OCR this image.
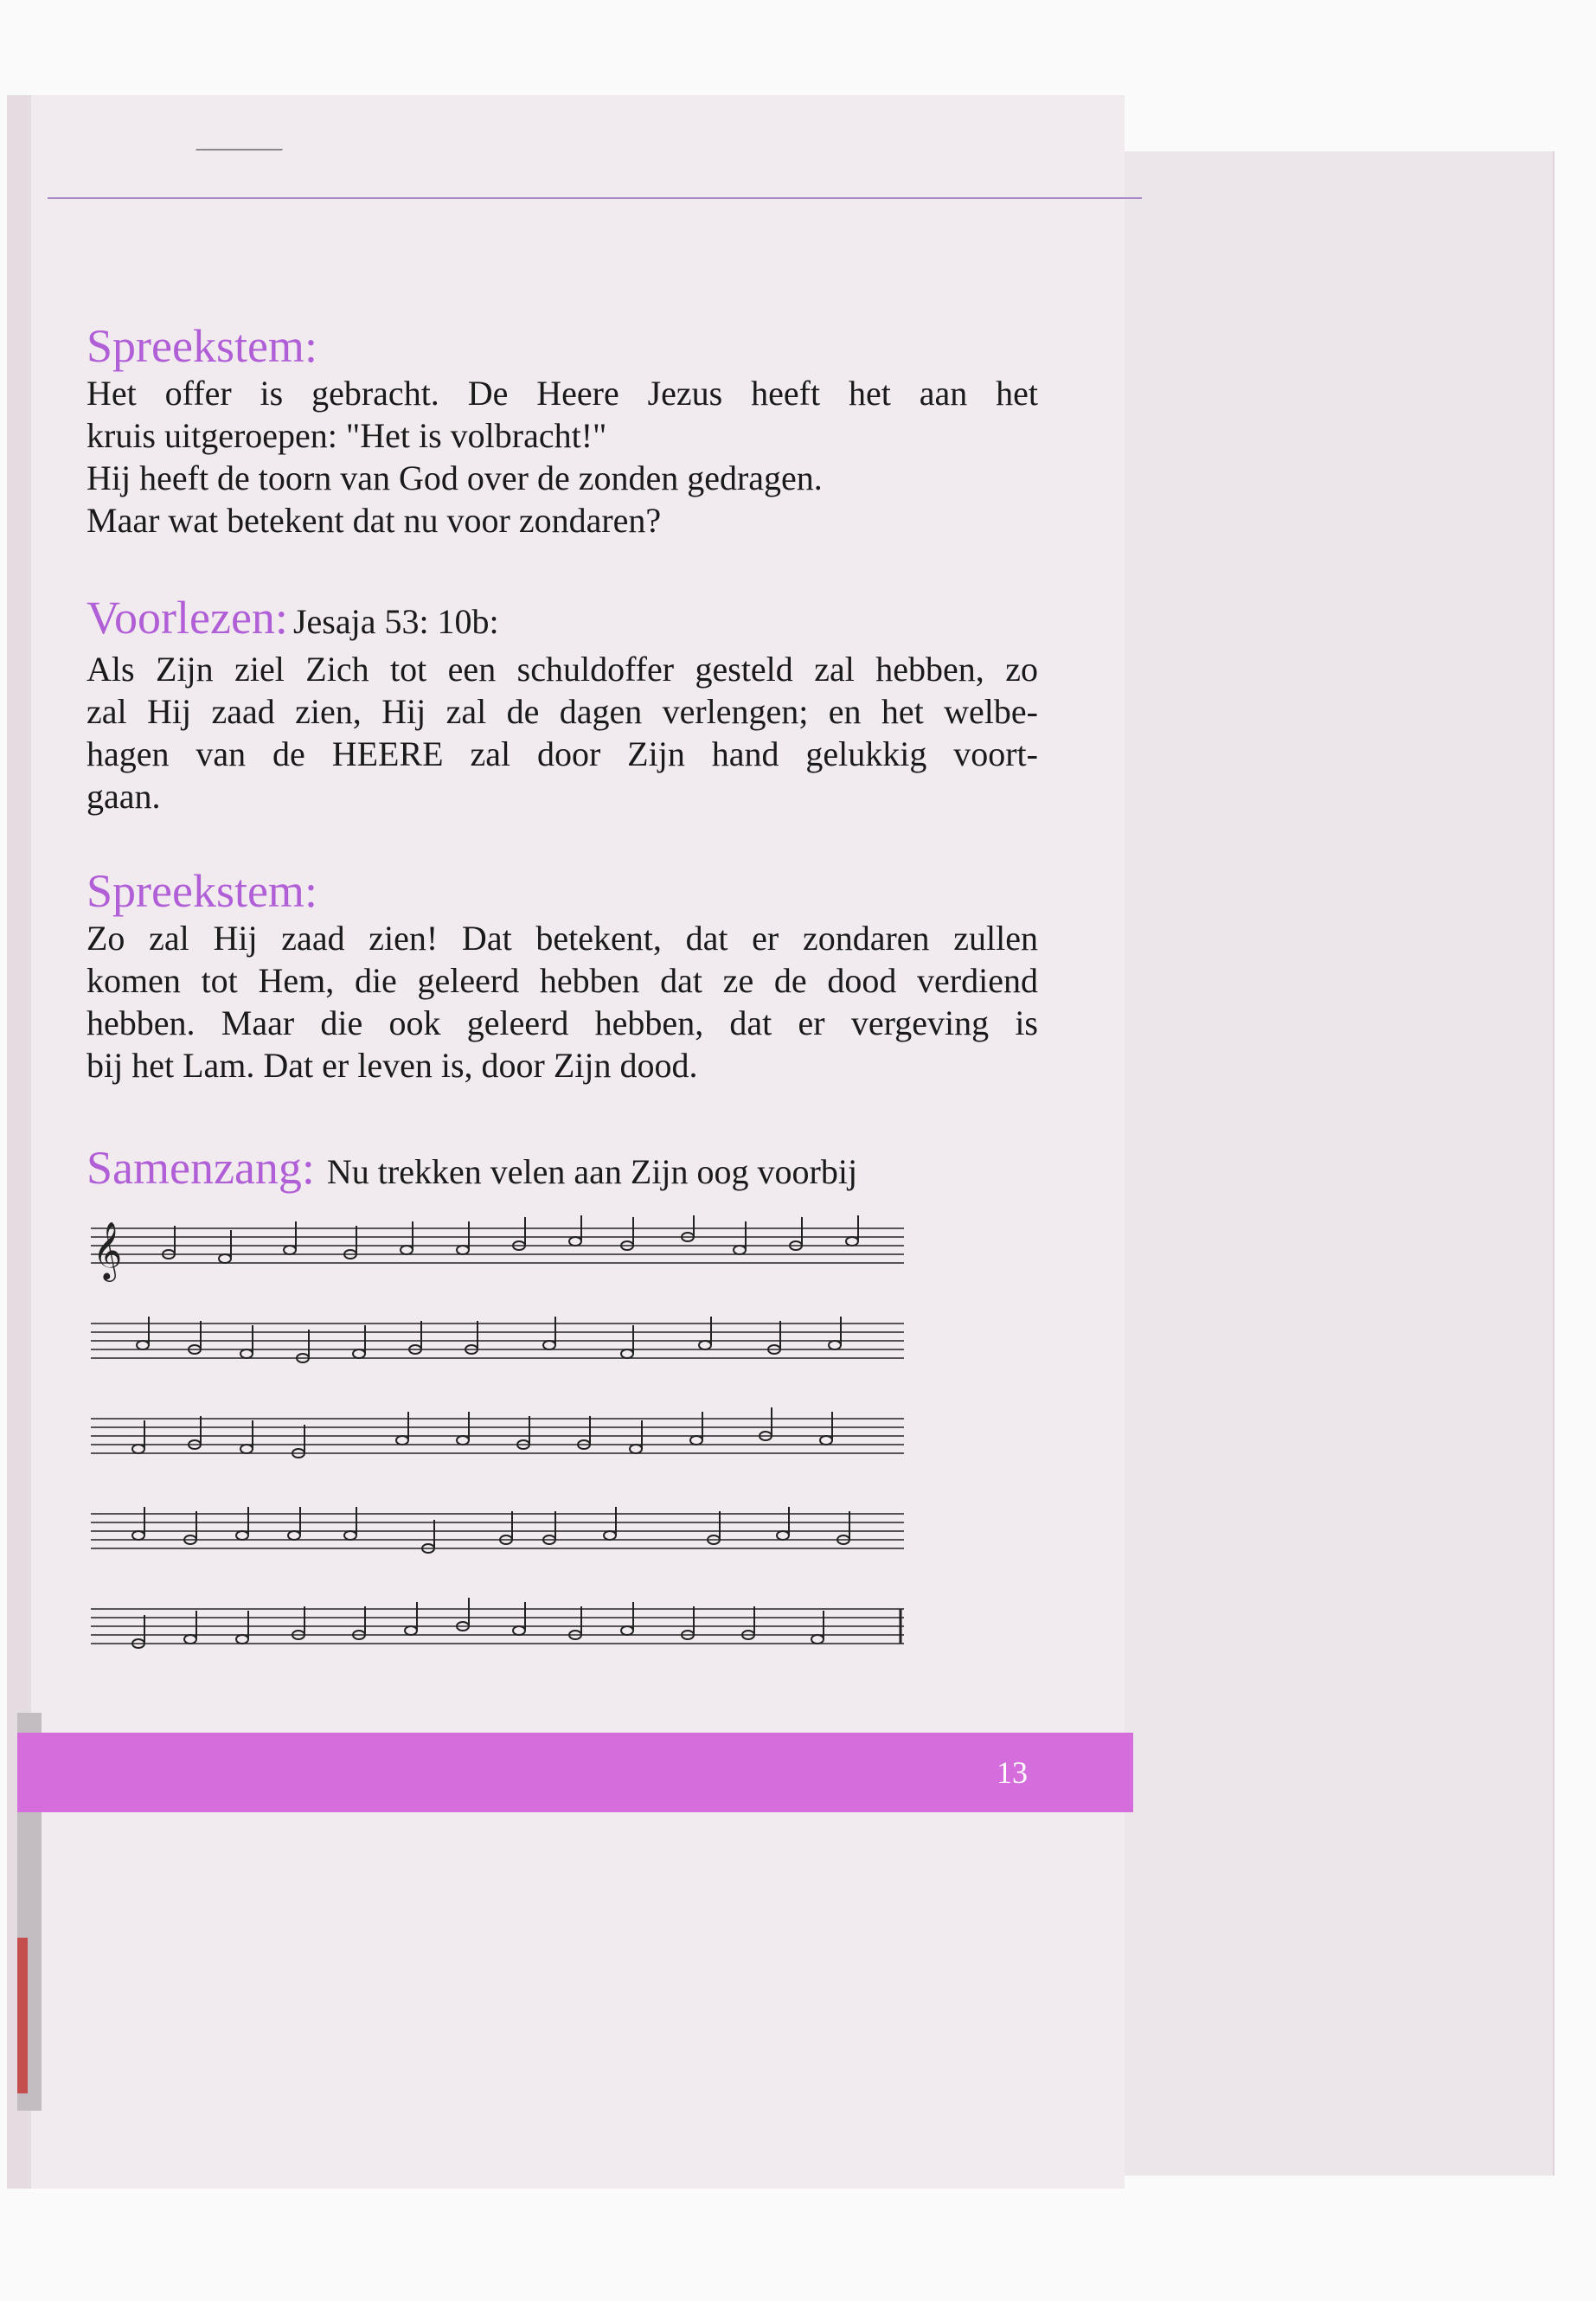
Spreekstem:

Het offer is gebracht. De Heere Jezus heeft het aan het

kruis uitgeroepen: "Het is volbracht!"

Hij heeft de toorn van God over de zonden gedragen.

Maar wat betekent dat nu voor zondaren?

Voorlezen: Jesaja 53: 10b:

Als Zijn ziel Zich tot een schuldoffer gesteld zal hebben, zo

zal Hij zaad zien, Hij zal de dagen verlengen; en het welbe-

hagen van de HEERE zal door Zijn hand gelukkig voort-

gaan.

Spreekstem:

Zo zal Hij zaad zien! Dat betekent, dat er zondaren zullen

komen tot Hem, die geleerd hebben dat ze de dood verdiend

hebben. Maar die ook geleerd hebben, dat er vergeving is

bij het Lam. Dat er leven is, door Zijn dood.

Samenzang: Nu trekken velen aan Zijn oog voorbij

𝄞
13
